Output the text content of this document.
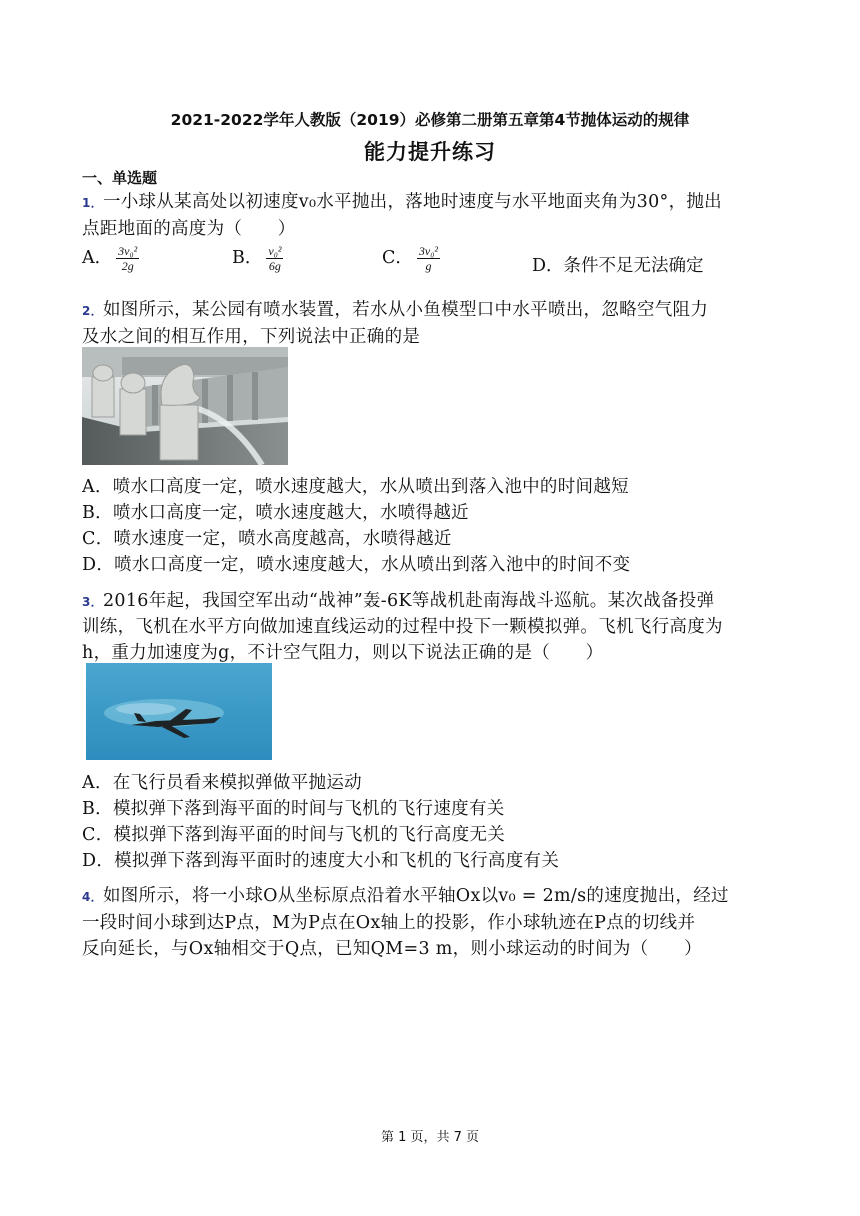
2021-2022学年人教版（2019）必修第二册第五章第4节抛体运动的规律
能力提升练习
一、单选题
1．一小球从某高处以初速度v₀水平抛出，落地时速度与水平地面夹角为30°，抛出
点距地面的高度为（　　）
A． $\frac{\text{3v₀²}}{2g}$	B． $\frac{\text{v₀²}}{6g}$	C． $\frac{\text{3v₀²}}{g}$	D．条件不足无法确定
2．如图所示，某公园有喷水装置，若水从小鱼模型口中水平喷出，忽略空气阻力
及水之间的相互作用，下列说法中正确的是
A．喷水口高度一定，喷水速度越大，水从喷出到落入池中的时间越短
B．喷水口高度一定，喷水速度越大，水喷得越近
C．喷水速度一定，喷水高度越高，水喷得越近
D．喷水口高度一定，喷水速度越大，水从喷出到落入池中的时间不变
3．2016年起，我国空军出动“战神”轰-6K等战机赴南海战斗巡航。某次战备投弹
训练，飞机在水平方向做加速直线运动的过程中投下一颗模拟弹。飞机飞行高度为
h，重力加速度为g，不计空气阻力，则以下说法正确的是（　　）
A．在飞行员看来模拟弹做平抛运动
B．模拟弹下落到海平面的时间与飞机的飞行速度有关
C．模拟弹下落到海平面的时间与飞机的飞行高度无关
D．模拟弹下落到海平面时的速度大小和飞机的飞行高度有关
4．如图所示，将一小球O从坐标原点沿着水平轴Ox以v₀ = 2m/s的速度抛出，经过
一段时间小球到达P点，M为P点在Ox轴上的投影，作小球轨迹在P点的切线并
反向延长，与Ox轴相交于Q点，已知QM=3 m，则小球运动的时间为（　　）
第 1 页，共 7 页
